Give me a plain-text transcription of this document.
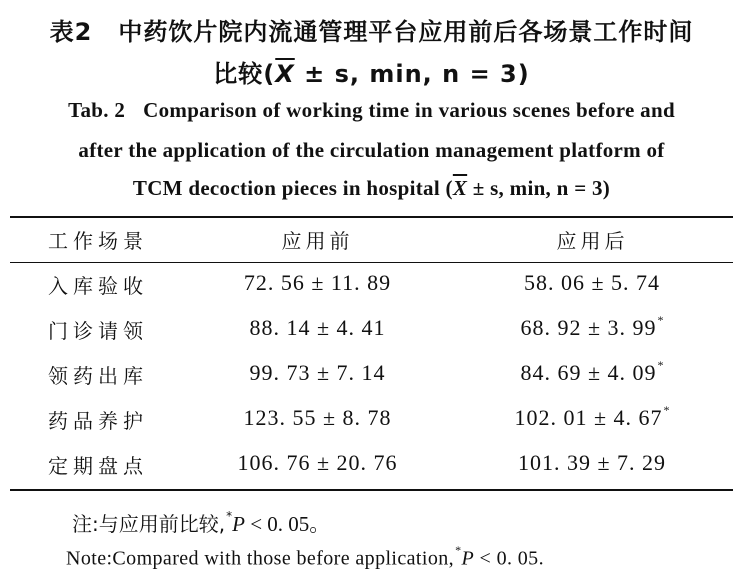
表2 中药饮片院内流通管理平台应用前后各场景工作时间
比较($\overline{X} \pm s$, min, n = 3)
Tab. 2 Comparison of working time in various scenes before and
after the application of the circulation management platform of
TCM decoction pieces in hospital ($\overline{X} \pm s$, min, n = 3)
工作场景	应用前	应用后
入库验收	72. 56 ± 11. 89	58. 06 ± 5. 74
门诊请领	88. 14 ± 4. 41	68. 92 ± 3. 99*
领药出库	99. 73 ± 7. 14	84. 69 ± 4. 09*
药品养护	123. 55 ± 8. 78	102. 01 ± 4. 67*
定期盘点	106. 76 ± 20. 76	101. 39 ± 7. 29
注:与应用前比较,*P < 0. 05。
Note:Compared with those before application,*P < 0. 05.
